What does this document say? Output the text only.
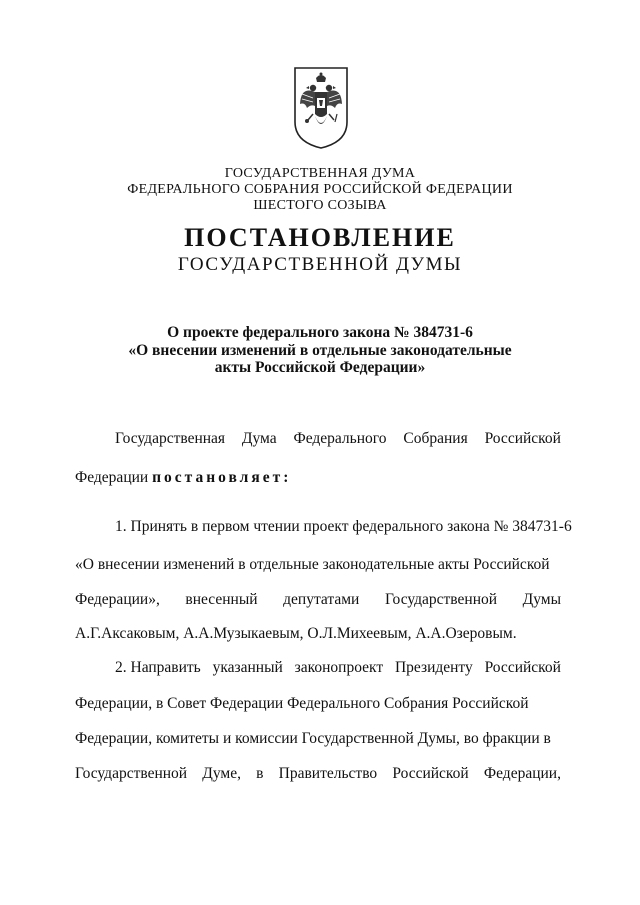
ГОСУДАРСТВЕННАЯ ДУМА
ФЕДЕРАЛЬНОГО СОБРАНИЯ РОССИЙСКОЙ ФЕДЕРАЦИИ
ШЕСТОГО СОЗЫВА
ПОСТАНОВЛЕНИЕ
ГОСУДАРСТВЕННОЙ ДУМЫ
О проекте федерального закона № 384731-6
«О внесении изменений в отдельные законодательные
акты Российской Федерации»
Государственная Дума Федерального Собрания Российской
Федерации постановляет:
1. Принять в первом чтении проект федерального закона № 384731-6
«О внесении изменений в отдельные законодательные акты Российской
Федерации», внесенный депутатами Государственной Думы
А.Г.Аксаковым, А.А.Музыкаевым, О.Л.Михеевым, А.А.Озеровым.
2. Направить указанный законопроект Президенту Российской
Федерации, в Совет Федерации Федерального Собрания Российской
Федерации, комитеты и комиссии Государственной Думы, во фракции в
Государственной Думе, в Правительство Российской Федерации,
